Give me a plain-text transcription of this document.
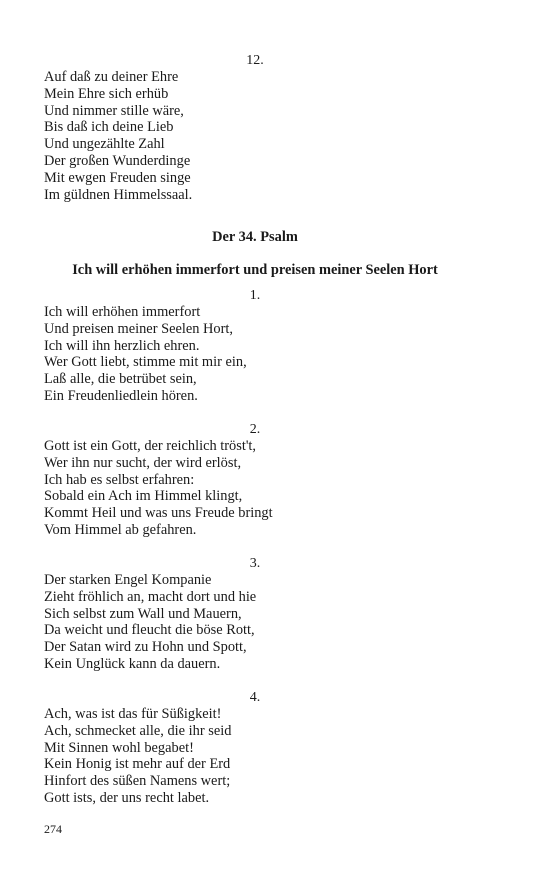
12.
Auf daß zu deiner Ehre
Mein Ehre sich erhüb
Und nimmer stille wäre,
Bis daß ich deine Lieb
Und ungezählte Zahl
Der großen Wunderdinge
Mit ewgen Freuden singe
Im güldnen Himmelssaal.
Der 34. Psalm
Ich will erhöhen immerfort und preisen meiner Seelen Hort
1.
Ich will erhöhen immerfort
Und preisen meiner Seelen Hort,
Ich will ihn herzlich ehren.
Wer Gott liebt, stimme mit mir ein,
Laß alle, die betrübet sein,
Ein Freudenliedlein hören.
2.
Gott ist ein Gott, der reichlich tröst't,
Wer ihn nur sucht, der wird erlöst,
Ich hab es selbst erfahren:
Sobald ein Ach im Himmel klingt,
Kommt Heil und was uns Freude bringt
Vom Himmel ab gefahren.
3.
Der starken Engel Kompanie
Zieht fröhlich an, macht dort und hie
Sich selbst zum Wall und Mauern,
Da weicht und fleucht die böse Rott,
Der Satan wird zu Hohn und Spott,
Kein Unglück kann da dauern.
4.
Ach, was ist das für Süßigkeit!
Ach, schmecket alle, die ihr seid
Mit Sinnen wohl begabet!
Kein Honig ist mehr auf der Erd
Hinfort des süßen Namens wert;
Gott ists, der uns recht labet.
274
